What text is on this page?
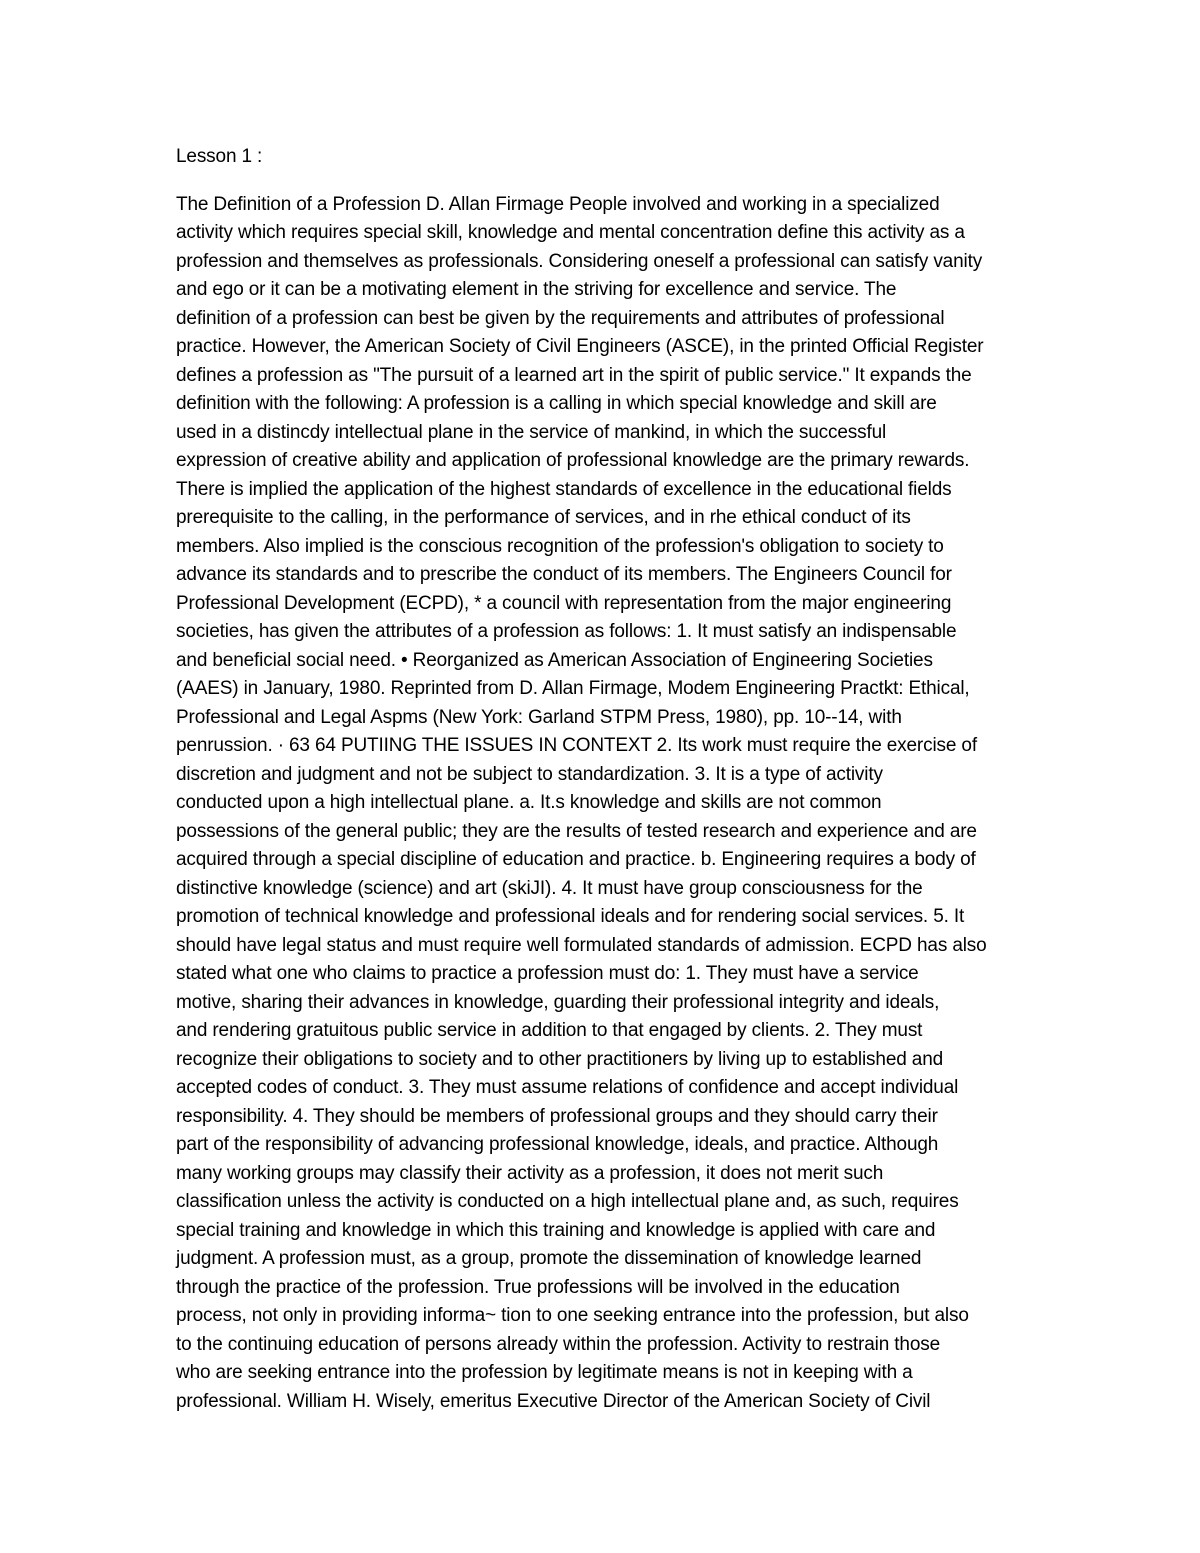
Lesson 1 :
The Definition of a Profession D. Allan Firmage People involved and working in a specialized
activity which requires special skill, knowledge and mental concentration define this activity as a
profession and themselves as professionals. Considering oneself a professional can satisfy vanity
and ego or it can be a motivating element in the striving for excellence and service. The
definition of a profession can best be given by the requirements and attributes of professional
practice. However, the American Society of Civil Engineers (ASCE), in the printed Official Register
defines a profession as "The pursuit of a learned art in the spirit of public service." It expands the
definition with the following: A profession is a calling in which special knowledge and skill are
used in a distincdy intellectual plane in the service of mankind, in which the successful
expression of creative ability and application of professional knowledge are the primary rewards.
There is implied the application of the highest standards of excellence in the educational fields
prerequisite to the calling, in the performance of services, and in rhe ethical conduct of its
members. Also implied is the conscious recognition of the profession's obligation to society to
advance its standards and to prescribe the conduct of its members. The Engineers Council for
Professional Development (ECPD), * a council with representation from the major engineering
societies, has given the attributes of a profession as follows: 1. It must satisfy an indispensable
and beneficial social need. • Reorganized as American Association of Engineering Societies
(AAES) in January, 1980. Reprinted from D. Allan Firmage, Modem Engineering Practkt: Ethical,
Professional and Legal Aspms (New York: Garland STPM Press, 1980), pp. 10--14, with
penrussion. · 63 64 PUTIING THE ISSUES IN CONTEXT 2. Its work must require the exercise of
discretion and judgment and not be subject to standardization. 3. It is a type of activity
conducted upon a high intellectual plane. a. It.s knowledge and skills are not common
possessions of the general public; they are the results of tested research and experience and are
acquired through a special discipline of education and practice. b. Engineering requires a body of
distinctive knowledge (science) and art (skiJI). 4. It must have group consciousness for the
promotion of technical knowledge and professional ideals and for rendering social services. 5. It
should have legal status and must require well formulated standards of admission. ECPD has also
stated what one who claims to practice a profession must do: 1. They must have a service
motive, sharing their advances in knowledge, guarding their professional integrity and ideals,
and rendering gratuitous public service in addition to that engaged by clients. 2. They must
recognize their obligations to society and to other practitioners by living up to established and
accepted codes of conduct. 3. They must assume relations of confidence and accept individual
responsibility. 4. They should be members of professional groups and they should carry their
part of the responsibility of advancing professional knowledge, ideals, and practice. Although
many working groups may classify their activity as a profession, it does not merit such
classification unless the activity is conducted on a high intellectual plane and, as such, requires
special training and knowledge in which this training and knowledge is applied with care and
judgment. A profession must, as a group, promote the dissemination of knowledge learned
through the practice of the profession. True professions will be involved in the education
process, not only in providing informa~ tion to one seeking entrance into the profession, but also
to the continuing education of persons already within the profession. Activity to restrain those
who are seeking entrance into the profession by legitimate means is not in keeping with a
professional. William H. Wisely, emeritus Executive Director of the American Society of Civil
